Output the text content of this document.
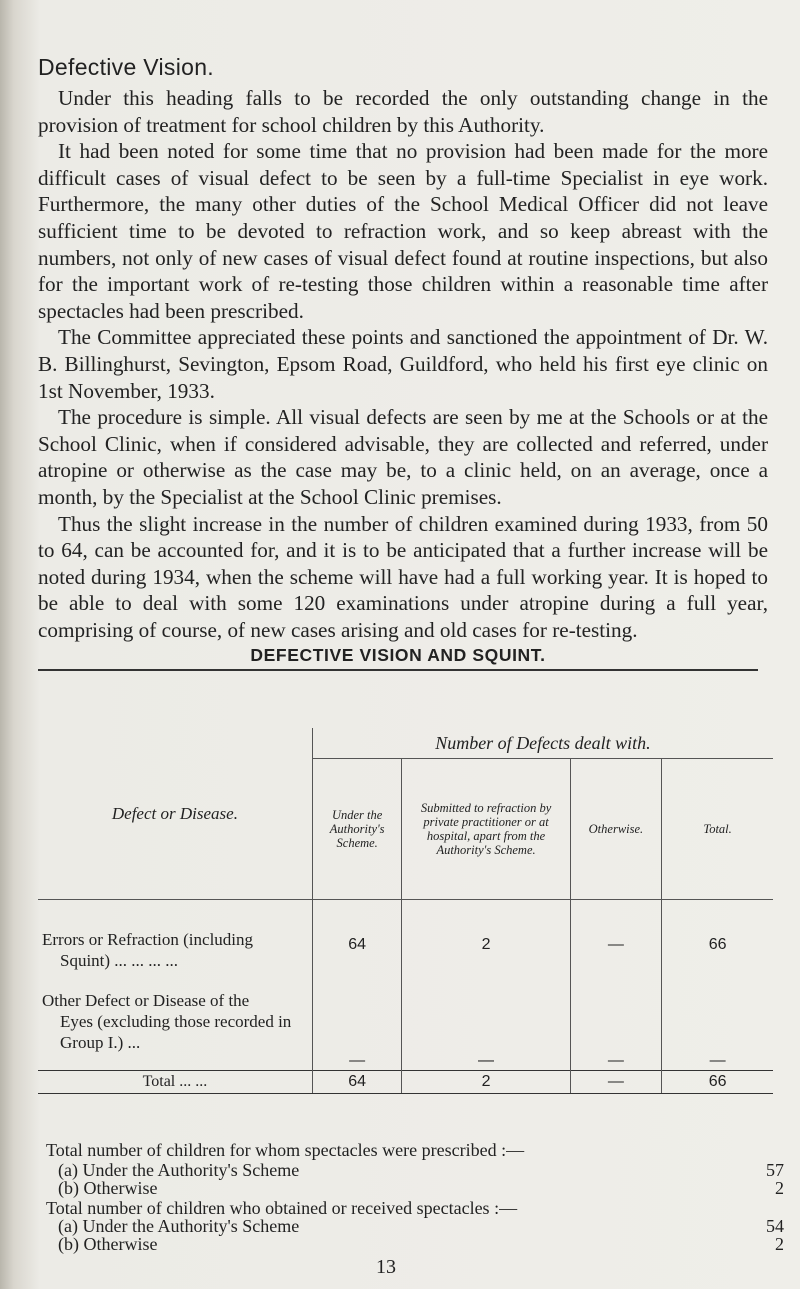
Defective Vision.

Under this heading falls to be recorded the only outstanding change in the provision of treatment for school children by this Authority.

It had been noted for some time that no provision had been made for the more difficult cases of visual defect to be seen by a full-time Specialist in eye work. Furthermore, the many other duties of the School Medical Officer did not leave sufficient time to be devoted to refraction work, and so keep abreast with the numbers, not only of new cases of visual defect found at routine inspections, but also for the important work of re-testing those children within a reasonable time after spectacles had been prescribed.

The Committee appreciated these points and sanctioned the appointment of Dr. W. B. Billinghurst, Sevington, Epsom Road, Guildford, who held his first eye clinic on 1st November, 1933.

The procedure is simple. All visual defects are seen by me at the Schools or at the School Clinic, when if considered advisable, they are collected and referred, under atropine or otherwise as the case may be, to a clinic held, on an average, once a month, by the Specialist at the School Clinic premises.

Thus the slight increase in the number of children examined during 1933, from 50 to 64, can be accounted for, and it is to be anticipated that a further increase will be noted during 1934, when the scheme will have had a full working year. It is hoped to be able to deal with some 120 examinations under atropine during a full year, comprising of course, of new cases arising and old cases for re-testing.

DEFECTIVE VISION AND SQUINT.
Defect or Disease.	Number of Defects dealt with.			
	Under the Authority's Scheme.	Submitted to refraction by private practitioner or at hospital, apart from the Authority's Scheme.	Otherwise.	Total.
Errors or Refraction (including
Squint) ... ... ... ...	64	2	—	66
Other Defect or Disease of the
Eyes (excluding those recorded in Group I.) ...	—	—	—	—
Total ... ...	64	2	—	66
Total number of children for whom spectacles were prescribed :—
(a) Under the Authority's Scheme	57
(b) Otherwise	2
Total number of children who obtained or received spectacles :—
(a) Under the Authority's Scheme	54
(b) Otherwise	2
13
